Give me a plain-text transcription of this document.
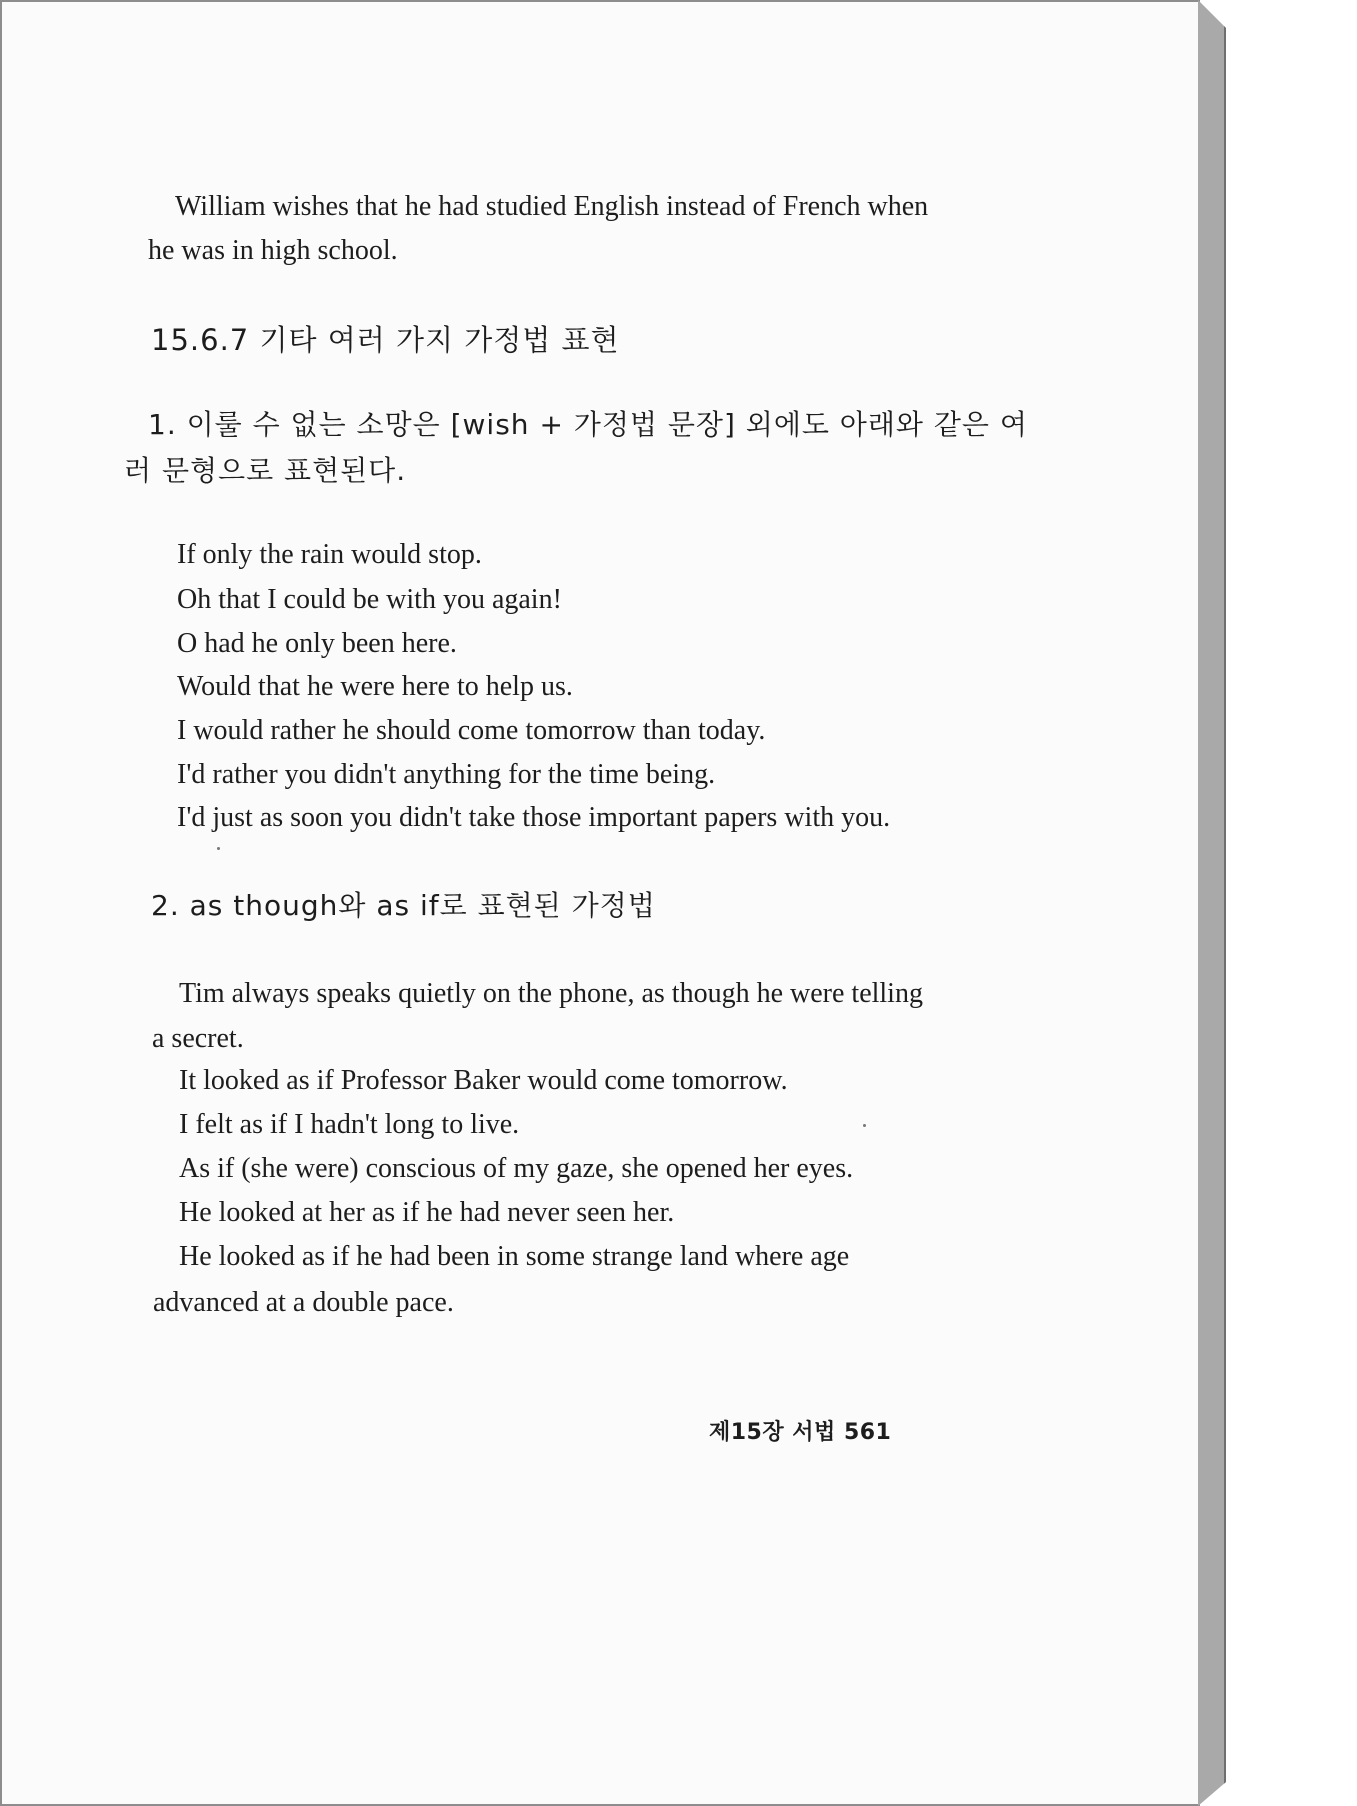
William wishes that he had studied English instead of French when
he was in high school.
15.6.7 기타 여러 가지 가정법 표현
1. 이룰 수 없는 소망은 [wish + 가정법 문장] 외에도 아래와 같은 여
러 문형으로 표현된다.
If only the rain would stop.
Oh that I could be with you again!
O had he only been here.
Would that he were here to help us.
I would rather he should come tomorrow than today.
I'd rather you didn't anything for the time being.
I'd just as soon you didn't take those important papers with you.
2. as though와 as if로 표현된 가정법
Tim always speaks quietly on the phone, as though he were telling
a secret.
It looked as if Professor Baker would come tomorrow.
I felt as if I hadn't long to live.
As if (she were) conscious of my gaze, she opened her eyes.
He looked at her as if he had never seen her.
He looked as if he had been in some strange land where age
advanced at a double pace.
제15장 서법 561
